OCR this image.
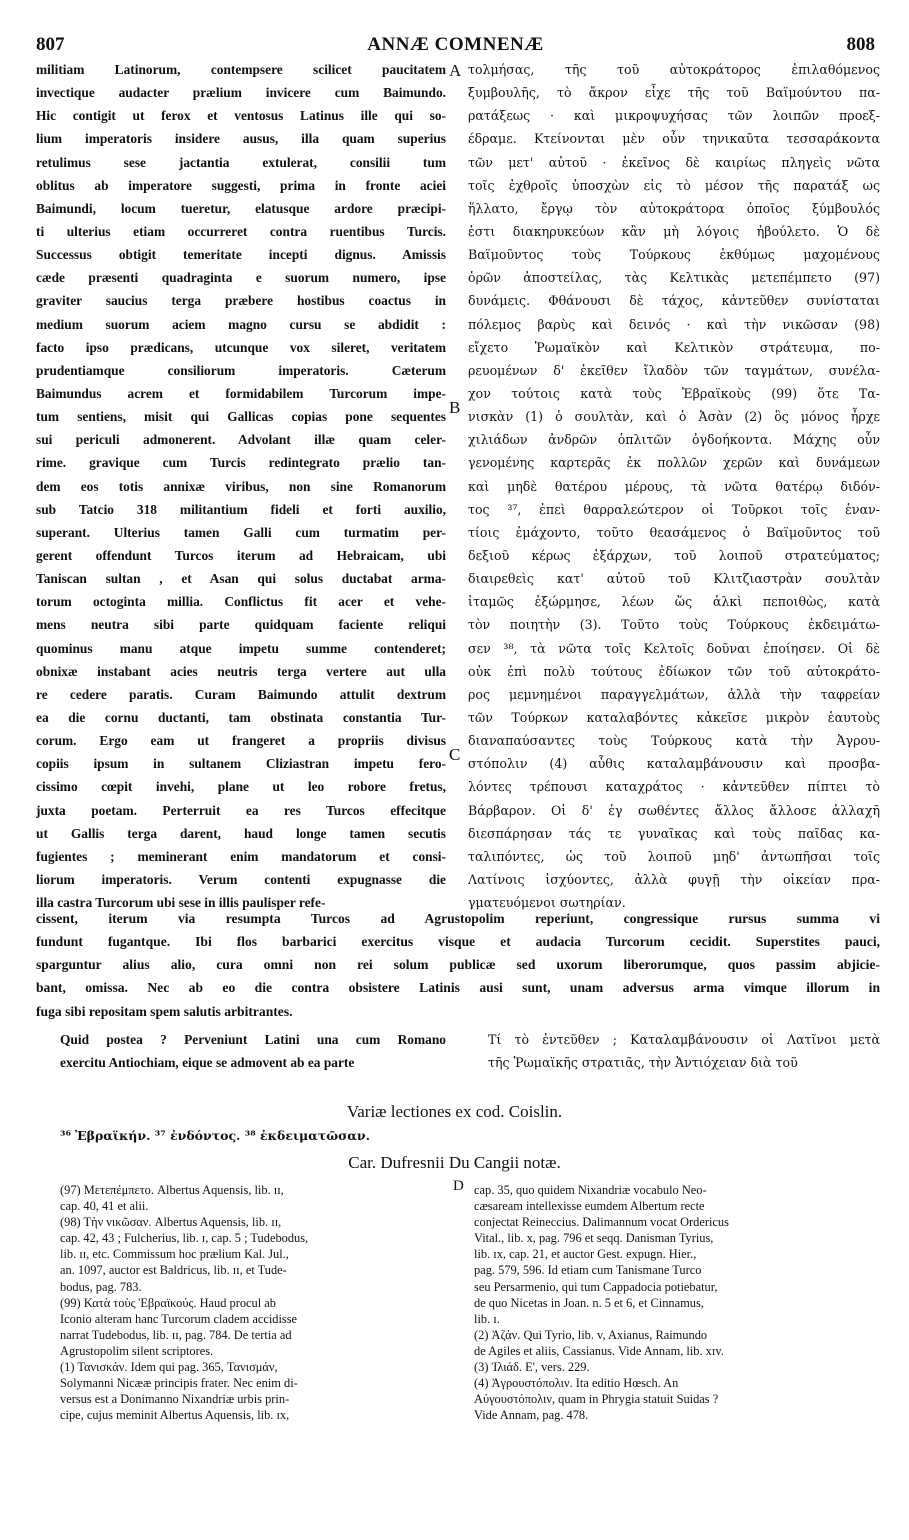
807	ANNÆ COMNENÆ	808
militiam Latinorum, contempsere scilicet paucitatem
invectique audacter prælium invicere cum Baimundo.
Hic contigit ut ferox et ventosus Latinus ille qui so-
lium imperatoris insidere ausus, illa quam superius
retulimus sese jactantia extulerat, consilii tum
oblitus ab imperatore suggesti, prima in fronte aciei
Baimundi, locum tueretur, elatusque ardore præcipi-
ti ulterius etiam occurreret contra ruentibus Turcis.
Successus obtigit temeritate incepti dignus. Amissis
cæde præsenti quadraginta e suorum numero, ipse
graviter saucius terga præbere hostibus coactus in
medium suorum aciem magno cursu se abdidit :
facto ipso prædicans, utcunque vox sileret, veritatem
prudentiamque consiliorum imperatoris. Cæterum
Baimundus acrem et formidabilem Turcorum impe-
tum sentiens, misit qui Gallicas copias pone sequentes
sui periculi admonerent. Advolant illæ quam celer-
rime. gravique cum Turcis redintegrato prælio tan-
dem eos totis annixæ viribus, non sine Romanorum
sub Tatcio 318 militantium fideli et forti auxilio,
superant. Ulterius tamen Galli cum turmatim per-
gerent offendunt Turcos iterum ad Hebraicam, ubi
Taniscan sultan , et Asan qui solus ductabat arma-
torum octoginta millia. Conflictus fit acer et vehe-
mens neutra sibi parte quidquam faciente reliqui
quominus manu atque impetu summe contenderet;
obnixæ instabant acies neutris terga vertere aut ulla
re cedere paratis. Curam Baimundo attulit dextrum
ea die cornu ductanti, tam obstinata constantia Tur-
corum. Ergo eam ut frangeret a propriis divisus
copiis ipsum in sultanem Cliziastran impetu fero-
cissimo cœpit invehi, plane ut leo robore fretus,
juxta poetam. Perterruit ea res Turcos effecitque
ut Gallis terga darent, haud longe tamen secutis
fugientes ; meminerant enim mandatorum et consi-
liorum imperatoris. Verum contenti expugnasse die
illa castra Turcorum ubi sese in illis paulisper refe-
τολμήσας, τῆς τοῦ αὐτοκράτορος ἐπιλαθόμενος
ξυμβουλῆς, τὸ ἄκρον εἶχε τῆς τοῦ Βαϊμούντου πα-
ρατάξεως · καὶ μικροψυχήσας τῶν λοιπῶν προεξ-
έδραμε. Κτείνονται μὲν οὖν τηνικαῦτα τεσσαράκοντα
τῶν μετ' αὐτοῦ · ἐκεῖνος δὲ καιρίως πληγεὶς νῶτα
τοῖς ἐχθροῖς ὑποσχὼν εἰς τὸ μέσον τῆς παρατάξ ως
ἥλλατο, ἔργῳ τὸν αὐτοκράτορα ὁποῖος ξύμβουλός
ἐστι διακηρυκεύων κἂν μὴ λόγοις ἠβούλετο. Ὁ δὲ
Βαϊμοῦντος τοὺς Τούρκους ἐκθύμως μαχομένους
ὁρῶν ἀποστείλας, τὰς Κελτικὰς μετεπέμπετο (97)
δυνάμεις. Φθάνουσι δὲ τάχος, κἀντεῦθεν συνίσταται
πόλεμος βαρὺς καὶ δεινός · καὶ τὴν νικῶσαν (98)
εἴχετο Ῥωμαϊκὸν καὶ Κελτικὸν στράτευμα, πο-
ρευομένων δ' ἐκεῖθεν ἴλαδὸν τῶν ταγμάτων, συνέλα-
χον τούτοις κατὰ τοὺς Ἑβραϊκοὺς (99) ὅτε Τα-
νισκὰν (1) ὁ σουλτὰν, καὶ ὁ Ἀσὰν (2) ὃς μόνος ἦρχε
χιλιάδων ἀνδρῶν ὁπλιτῶν ὀγδοήκοντα. Μάχης οὖν
γενομένης καρτερᾶς ἐκ πολλῶν χερῶν καὶ δυνάμεων
καὶ μηδὲ θατέρου μέρους, τὰ νῶτα θατέρῳ διδόν-
τος ³⁷, ἐπεὶ θαρραλεώτερον οἱ Τοῦρκοι τοῖς ἐναν-
τίοις ἐμάχοντο, τοῦτο θεασάμενος ὁ Βαϊμοῦντος τοῦ
δεξιοῦ κέρως ἐξάρχων, τοῦ λοιποῦ στρατεύματος;
διαιρεθεὶς κατ' αὐτοῦ τοῦ Κλιτζιαστρὰν σουλτὰν
ἰταμῶς ἐξώρμησε, λέων ὥς ἀλκὶ πεποιθὼς, κατὰ
τὸν ποιητὴν (3). Τοῦτο τοὺς Τούρκους ἐκδειμάτω-
σεν ³⁸, τὰ νῶτα τοῖς Κελτοῖς δοῦναι ἐποίησεν. Οἱ δὲ
οὐκ ἐπὶ πολὺ τούτους ἐδίωκον τῶν τοῦ αὐτοκράτο-
ρος μεμνημένοι παραγγελμάτων, ἀλλὰ τὴν ταφρείαν
τῶν Τούρκων καταλαβόντες κἀκεῖσε μικρὸν ἑαυτοὺς
διαναπαύσαντες τοὺς Τούρκους κατὰ τὴν Ἀγρου-
στόπολιν (4) αὖθις καταλαμβάνουσιν καὶ προσβα-
λόντες τρέπουσι καταχράτος · κἀντεῦθεν πίπτει τὸ
Βάρβαρον. Οἱ δ' ἐγ σωθέντες ἄλλος ἄλλοσε ἀλλαχῆ
διεσπάρησαν τάς τε γυναῖκας καὶ τοὺς παῖδας κα-
ταλιπόντες, ὡς τοῦ λοιποῦ μηδ' ἀντωπῆσαι τοῖς
Λατίνοις ἰσχύοντες, ἀλλὰ φυγῇ τὴν οἰκείαν πρα-
γματευόμενοι σωτηρίαν.
A
B
C
cissent, iterum via resumpta Turcos ad Agrustopolim reperiunt, congressique rursus summa vi
fundunt fugantque. Ibi flos barbarici exercitus visque et audacia Turcorum cecidit. Superstites pauci,
sparguntur alius alio, cura omni non rei solum publicæ sed uxorum liberorumque, quos passim abjicie-
bant, omissa. Nec ab eo die contra obsistere Latinis ausi sunt, unam adversus arma vimque illorum in
fuga sibi repositam spem salutis arbitrantes.
Quid postea ? Perveniunt Latini una cum Romano
exercitu Antiochiam, eique se admovent ab ea parte
Τί τὸ ἐντεῦθεν ; Καταλαμβάνουσιν οἱ Λατῖνοι μετὰ
τῆς Ῥωμαϊκῆς στρατιᾶς, τὴν Ἀντιόχειαν διὰ τοῦ
Variæ lectiones ex cod. Coislin.
³⁶ Ἑβραϊκήν. ³⁷ ἐνδόντος. ³⁸ ἐκδειματῶσαν.
Car. Dufresnii Du Cangii notæ.
(97) Μετεπέμπετο. Albertus Aquensis, lib. ɪɪ,
cap. 40, 41 et alii.
(98) Τὴν νικῶσαν. Albertus Aquensis, lib. ɪɪ,
cap. 42, 43 ; Fulcherius, lib. ɪ, cap. 5 ; Tudebodus,
lib. ɪɪ, etc. Commissum hoc prælium Kal. Jul.,
an. 1097, auctor est Baldricus, lib. ɪɪ, et Tude-
bodus, pag. 783.
(99) Κατὰ τοὺς Ἑβραϊκούς. Haud procul ab
Iconio alteram hanc Turcorum cladem accidisse
narrat Tudebodus, lib. ɪɪ, pag. 784. De tertia ad
Agrustopolim silent scriptores.
(1) Τανισκάν. Idem qui pag. 365, Τανισμάν,
Solymanni Nicææ principis frater. Nec enim di-
versus est a Donimanno Nixandriæ urbis prin-
cipe, cujus meminit Albertus Aquensis, lib. ɪx,
cap. 35, quo quidem Nixandriæ vocabulo Neo-
cæsaream intellexisse eumdem Albertum recte
conjectat Reineccius. Dalimannum vocat Ordericus
Vital., lib. x, pag. 796 et seqq. Danisman Tyrius,
lib. ɪx, cap. 21, et auctor Gest. expugn. Hier.,
pag. 579, 596. Id etiam cum Tanismane Turco
seu Persarmenio, qui tum Cappadocia potiebatur,
de quo Nicetas in Joan. n. 5 et 6, et Cinnamus,
lib. ɪ.
(2) Ἀζάν. Qui Tyrio, lib. v, Axianus, Raimundo
de Agiles et aliis, Cassianus. Vide Annam, lib. xɪv.
(3) Ἰλιάδ. Ε', vers. 229.
(4) Ἀγρουστόπολιν. Ita editio Hœsch. An
Αὐγουστόπολιν, quam in Phrygia statuit Suidas ?
Vide Annam, pag. 478.
D
